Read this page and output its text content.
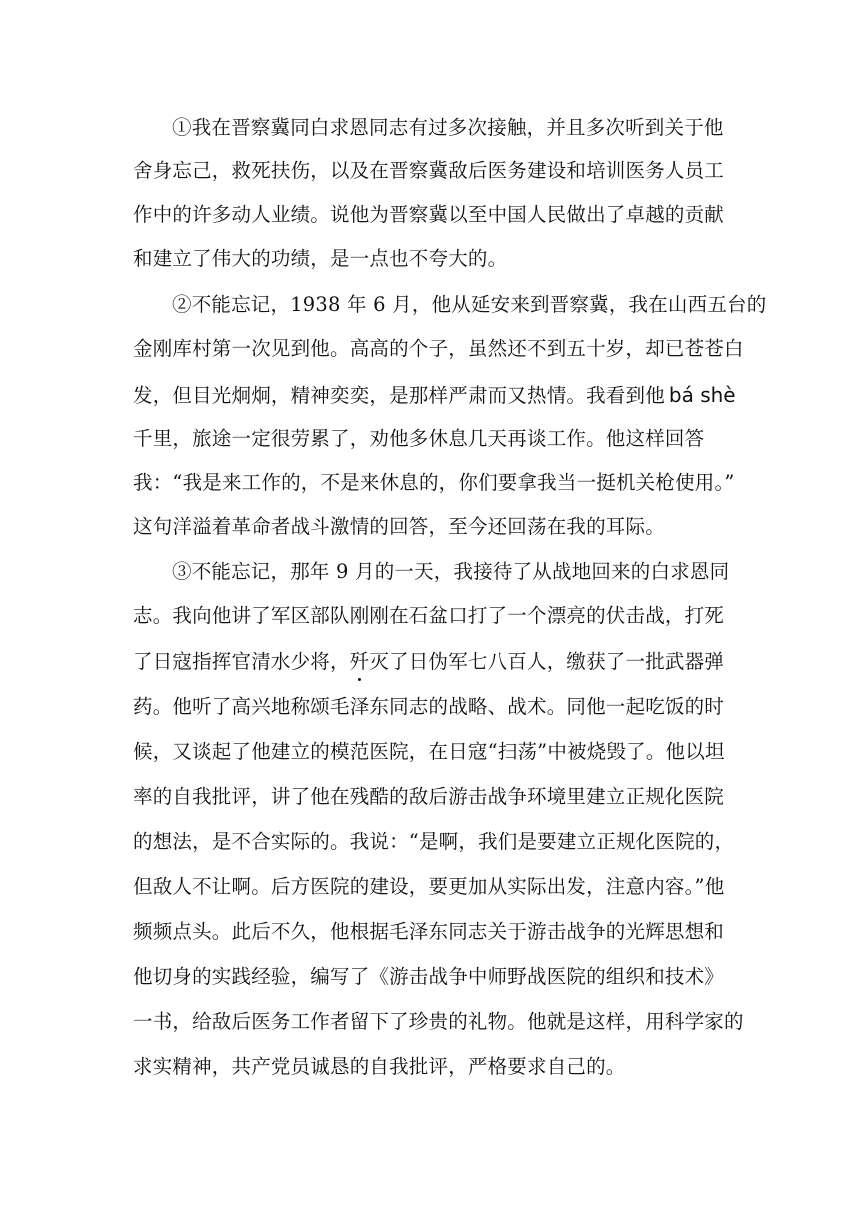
①我在晋察冀同白求恩同志有过多次接触，并且多次听到关于他
舍身忘己，救死扶伤，以及在晋察冀敌后医务建设和培训医务人员工
作中的许多动人业绩。说他为晋察冀以至中国人民做出了卓越的贡献
和建立了伟大的功绩，是一点也不夸大的。
②不能忘记，1938 年 6 月，他从延安来到晋察冀，我在山西五台的
金刚库村第一次见到他。高高的个子，虽然还不到五十岁，却已苍苍白
发，但目光炯炯，精神奕奕，是那样严肃而又热情。我看到他 bá shè
千里，旅途一定很劳累了，劝他多休息几天再谈工作。他这样回答
我：“我是来工作的，不是来休息的，你们要拿我当一挺机关枪使用。”
这句洋溢着革命者战斗激情的回答，至今还回荡在我的耳际。
③不能忘记，那年 9 月的一天，我接待了从战地回来的白求恩同
志。我向他讲了军区部队刚刚在石盆口打了一个漂亮的伏击战，打死
了日寇指挥官清水少将，歼灭了日伪军七八百人，缴获了一批武器弹
药。他听了高兴地称颂毛泽东同志的战略、战术。同他一起吃饭的时
候，又谈起了他建立的模范医院，在日寇“扫荡”中被烧毁了。他以坦
率的自我批评，讲了他在残酷的敌后游击战争环境里建立正规化医院
的想法，是不合实际的。我说：“是啊，我们是要建立正规化医院的，
但敌人不让啊。后方医院的建设，要更加从实际出发，注意内容。”他
频频点头。此后不久，他根据毛泽东同志关于游击战争的光辉思想和
他切身的实践经验，编写了《游击战争中师野战医院的组织和技术》
一书，给敌后医务工作者留下了珍贵的礼物。他就是这样，用科学家的
求实精神，共产党员诚恳的自我批评，严格要求自己的。
